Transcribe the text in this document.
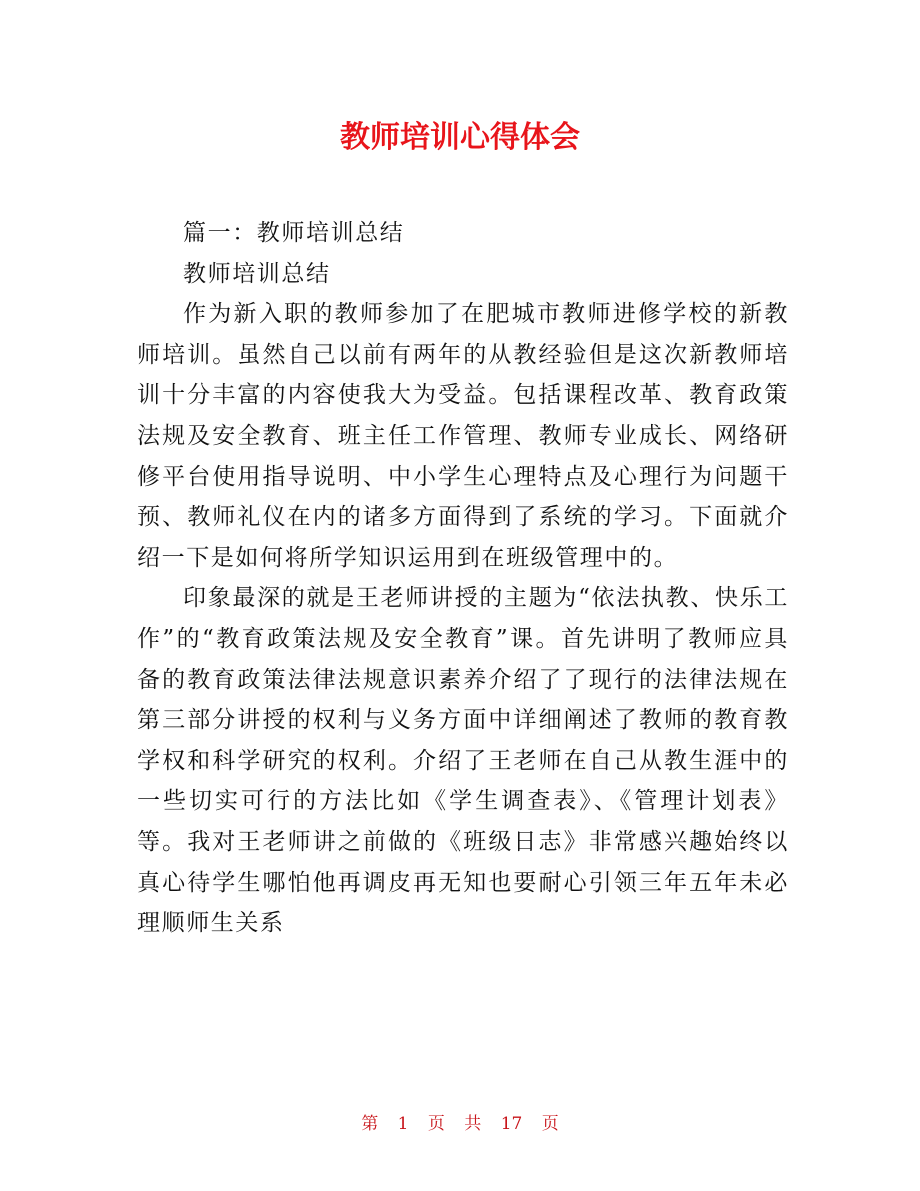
教师培训心得体会

篇一：教师培训总结

教师培训总结

作为新入职的教师参加了在肥城市教师进修学校的新教师培训。虽然自己以前有两年的从教经验但是这次新教师培训十分丰富的内容使我大为受益。包括课程改革、教育政策法规及安全教育、班主任工作管理、教师专业成长、网络研修平台使用指导说明、中小学生心理特点及心理行为问题干预、教师礼仪在内的诸多方面得到了系统的学习。下面就介绍一下是如何将所学知识运用到在班级管理中的。

印象最深的就是王老师讲授的主题为“依法执教、快乐工作”的“教育政策法规及安全教育”课。首先讲明了教师应具备的教育政策法律法规意识素养介绍了了现行的法律法规在第三部分讲授的权利与义务方面中详细阐述了教师的教育教学权和科学研究的权利。介绍了王老师在自己从教生涯中的一些切实可行的方法比如《学生调查表》、《管理计划表》等。我对王老师讲之前做的《班级日志》非常感兴趣始终以真心待学生哪怕他再调皮再无知也要耐心引领三年五年未必理顺师生关系

第 1 页 共 17 页
